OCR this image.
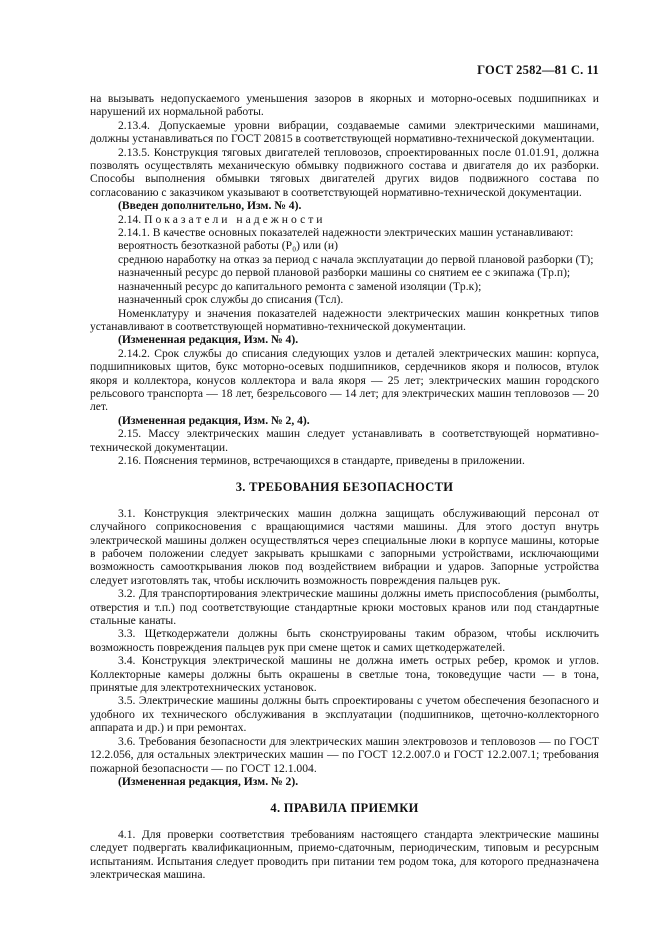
ГОСТ 2582—81 С. 11

на вызывать недопускаемого уменьшения зазоров в якорных и моторно-осевых подшипниках и нарушений их нормальной работы.

2.13.4. Допускаемые уровни вибрации, создаваемые самими электрическими машинами, должны устанавливаться по ГОСТ 20815 в соответствующей нормативно-технической документации.

2.13.5. Конструкция тяговых двигателей тепловозов, спроектированных после 01.01.91, должна позволять осуществлять механическую обмывку подвижного состава и двигателя до их разборки. Способы выполнения обмывки тяговых двигателей других видов подвижного состава по согласованию с заказчиком указывают в соответствующей нормативно-технической документации.

(Введен дополнительно, Изм. № 4).

2.14. Показатели надежности

2.14.1. В качестве основных показателей надежности электрических машин устанавливают:

вероятность безотказной работы (P₀) или (и)

среднюю наработку на отказ за период с начала эксплуатации до первой плановой разборки (T);

назначенный ресурс до первой плановой разборки машины со снятием ее с экипажа (Tр.п);

назначенный ресурс до капитального ремонта с заменой изоляции (Tр.к);

назначенный срок службы до списания (Tсл).

Номенклатуру и значения показателей надежности электрических машин конкретных типов устанавливают в соответствующей нормативно-технической документации.

(Измененная редакция, Изм. № 4).

2.14.2. Срок службы до списания следующих узлов и деталей электрических машин: корпуса, подшипниковых щитов, букс моторно-осевых подшипников, сердечников якоря и полюсов, втулок якоря и коллектора, конусов коллектора и вала якоря — 25 лет; электрических машин городского рельсового транспорта — 18 лет, безрельсового — 14 лет; для электрических машин тепловозов — 20 лет.

(Измененная редакция, Изм. № 2, 4).

2.15. Массу электрических машин следует устанавливать в соответствующей нормативно-технической документации.

2.16. Пояснения терминов, встречающихся в стандарте, приведены в приложении.

3. ТРЕБОВАНИЯ БЕЗОПАСНОСТИ

3.1. Конструкция электрических машин должна защищать обслуживающий персонал от случайного соприкосновения с вращающимися частями машины. Для этого доступ внутрь электрической машины должен осуществляться через специальные люки в корпусе машины, которые в рабочем положении следует закрывать крышками с запорными устройствами, исключающими возможность самооткрывания люков под воздействием вибрации и ударов. Запорные устройства следует изготовлять так, чтобы исключить возможность повреждения пальцев рук.

3.2. Для транспортирования электрические машины должны иметь приспособления (рымболты, отверстия и т.п.) под соответствующие стандартные крюки мостовых кранов или под стандартные стальные канаты.

3.3. Щеткодержатели должны быть сконструированы таким образом, чтобы исключить возможность повреждения пальцев рук при смене щеток и самих щеткодержателей.

3.4. Конструкция электрической машины не должна иметь острых ребер, кромок и углов. Коллекторные камеры должны быть окрашены в светлые тона, токоведущие части — в тона, принятые для электротехнических установок.

3.5. Электрические машины должны быть спроектированы с учетом обеспечения безопасного и удобного их технического обслуживания в эксплуатации (подшипников, щеточно-коллекторного аппарата и др.) и при ремонтах.

3.6. Требования безопасности для электрических машин электровозов и тепловозов — по ГОСТ 12.2.056, для остальных электрических машин — по ГОСТ 12.2.007.0 и ГОСТ 12.2.007.1; требования пожарной безопасности — по ГОСТ 12.1.004.

(Измененная редакция, Изм. № 2).

4. ПРАВИЛА ПРИЕМКИ

4.1. Для проверки соответствия требованиям настоящего стандарта электрические машины следует подвергать квалификационным, приемо-сдаточным, периодическим, типовым и ресурсным испытаниям. Испытания следует проводить при питании тем родом тока, для которого предназначена электрическая машина.
